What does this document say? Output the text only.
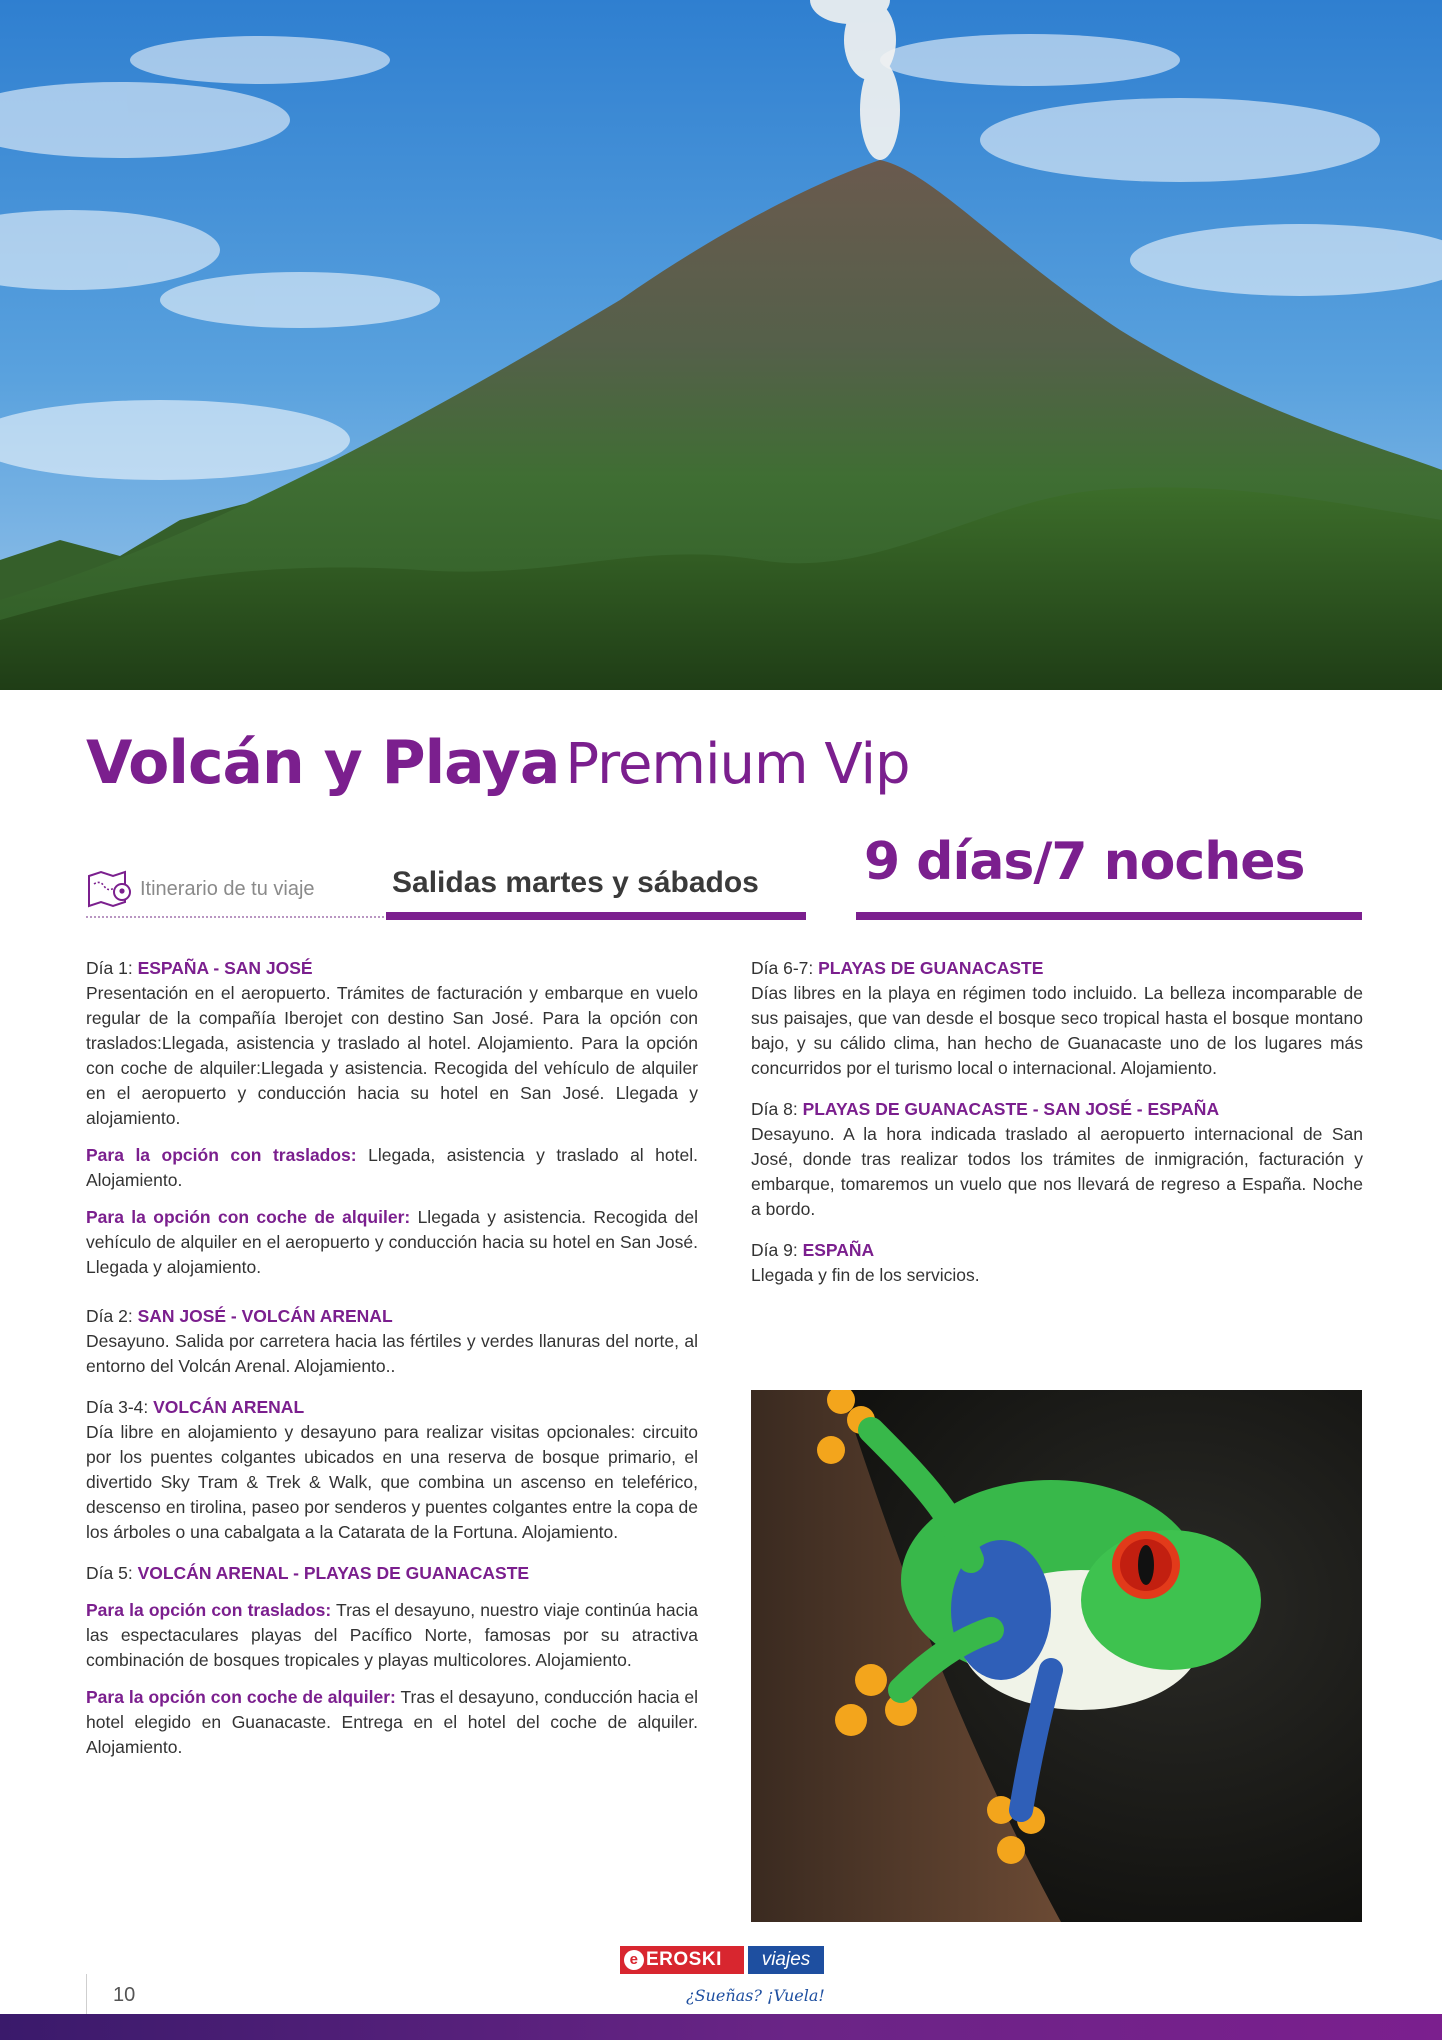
Volcán y Playa Premium Vip
Itinerario de tu viaje	Salidas martes y sábados 9 días/7 noches
Día 1: ESPAÑA - SAN JOSÉ

Presentación en el aeropuerto. Trámites de facturación y embarque en vuelo regular de la compañía Iberojet con destino San José. Para la opción con traslados:Llegada, asistencia y traslado al hotel. Alojamiento. Para la opción con coche de alquiler:Llegada y asistencia. Recogida del vehículo de alquiler en el aeropuerto y conducción hacia su hotel en San José. Llegada y alojamiento.

Para la opción con traslados: Llegada, asistencia y traslado al hotel. Alojamiento.

Para la opción con coche de alquiler: Llegada y asistencia. Recogida del vehículo de alquiler en el aeropuerto y conducción hacia su hotel en San José. Llegada y alojamiento.

Día 2: SAN JOSÉ - VOLCÁN ARENAL

Desayuno. Salida por carretera hacia las fértiles y verdes llanuras del norte, al entorno del Volcán Arenal. Alojamiento..

Día 3-4: VOLCÁN ARENAL

Día libre en alojamiento y desayuno para realizar visitas opcionales: circuito por los puentes colgantes ubicados en una reserva de bosque primario, el divertido Sky Tram & Trek & Walk, que combina un ascenso en teleférico, descenso en tirolina, paseo por senderos y puentes colgantes entre la copa de los árboles o una cabalgata a la Catarata de la Fortuna. Alojamiento.

Día 5: VOLCÁN ARENAL - PLAYAS DE GUANACASTE

Para la opción con traslados: Tras el desayuno, nuestro viaje continúa hacia las espectaculares playas del Pacífico Norte, famosas por su atractiva combinación de bosques tropicales y playas multicolores. Alojamiento.

Para la opción con coche de alquiler: Tras el desayuno, conducción hacia el hotel elegido en Guanacaste. Entrega en el hotel del coche de alquiler. Alojamiento.

Día 6-7: PLAYAS DE GUANACASTE

Días libres en la playa en régimen todo incluido. La belleza incomparable de sus paisajes, que van desde el bosque seco tropical hasta el bosque montano bajo, y su cálido clima, han hecho de Guanacaste uno de los lugares más concurridos por el turismo local o internacional. Alojamiento.

Día 8: PLAYAS DE GUANACASTE - SAN JOSÉ - ESPAÑA

Desayuno. A la hora indicada traslado al aeropuerto internacional de San José, donde tras realizar todos los trámites de inmigración, facturación y embarque, tomaremos un vuelo que nos llevará de regreso a España. Noche a bordo.

Día 9: ESPAÑA

Llegada y fin de los servicios.

10
e EROSKI	viajes
¿Sueñas? ¡Vuela!
